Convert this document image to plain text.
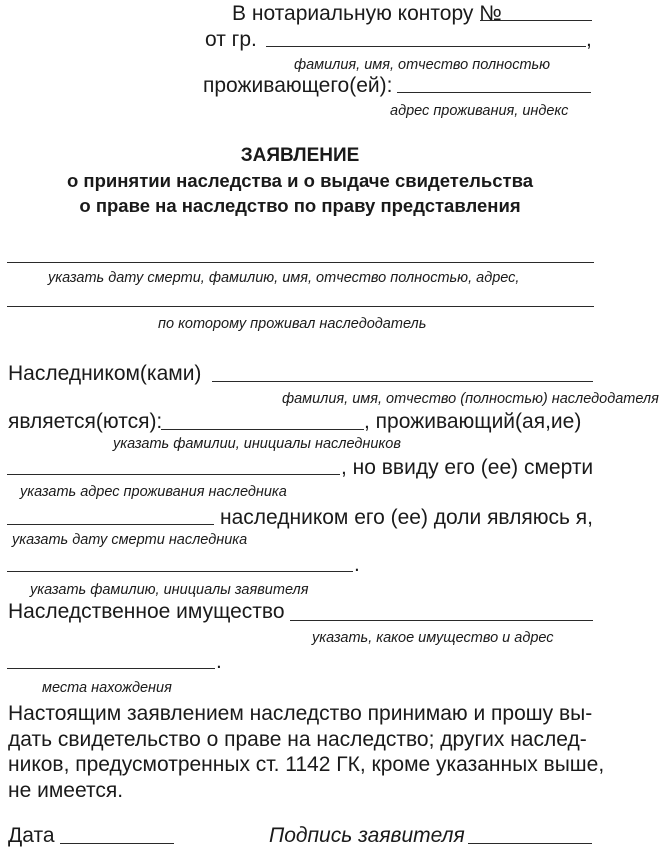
В нотариальную контору №
от гр.	,
фамилия, имя, отчество полностью
проживающего(ей):
адрес проживания, индекс
ЗАЯВЛЕНИЕ
о принятии наследства и о выдаче свидетельства
о праве на наследство по праву представления
указать дату смерти, фамилию, имя, отчество полностью, адрес,
по которому проживал наследодатель
Наследником(ками)
фамилия, имя, отчество (полностью) наследодателя
является(ются):	, проживающий(ая,ие)
указать фамилии, инициалы наследников
, но ввиду его (ее) смерти
указать адрес проживания наследника
наследником его (ее) доли являюсь я,
указать дату смерти наследника
.
указать фамилию, инициалы заявителя
Наследственное имущество
указать, какое имущество и адрес
.
места нахождения
Настоящим заявлением наследство принимаю и прошу вы-
дать свидетельство о праве на наследство; других наслед-
ников, предусмотренных ст. 1142 ГК, кроме указанных выше,
не имеется.
Дата	Подпись заявителя
